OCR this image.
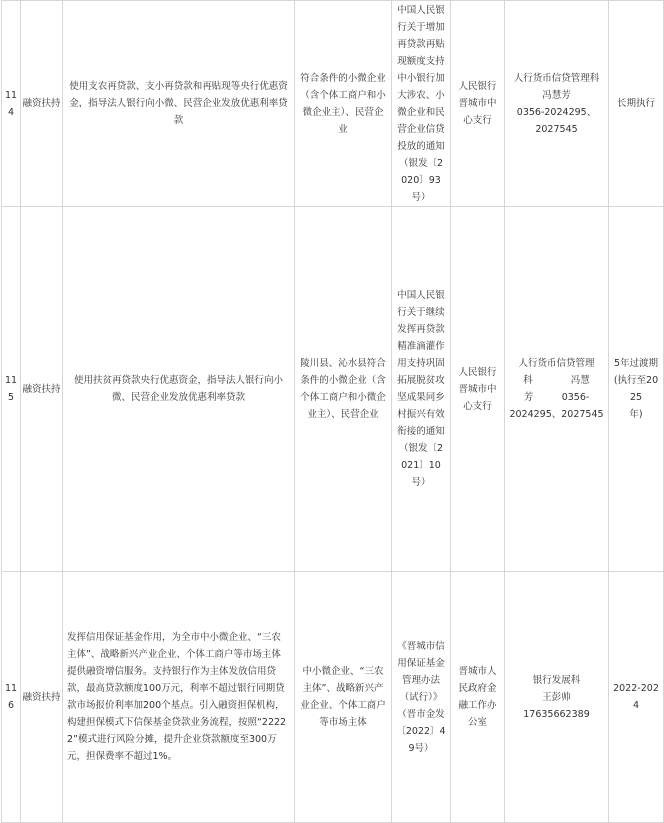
114	融资扶持	使用支农再贷款、支小再贷款和再贴现等央行优惠资金，指导法人银行向小微、民营企业发放优惠利率贷款	符合条件的小微企业（含个体工商户和小微企业主）、民营企业	中国人民银行关于增加再贷款再贴现额度支持中小银行加大涉农、小微企业和民营企业信贷投放的通知（银发〔2020〕93号）	人民银行晋城市中心支行	人行货币信贷管理科
冯慧芳
0356-2024295、
2027545	长期执行
115	融资扶持	使用扶贫再贷款央行优惠资金，指导法人银行向小微、民营企业发放优惠利率贷款	陵川县、沁水县符合条件的小微企业（含个体工商户和小微企业主）、民营企业	中国人民银行关于继续发挥再贷款精准滴灌作用支持巩固拓展脱贫攻坚成果同乡村振兴有效衔接的通知（银发〔2021〕10号）	人民银行晋城市中心支行	人行货币信贷管理
科　　　　冯慧
芳　　　0356-
2024295、2027545	5年过渡期
(执行至2025
年)

116	融资扶持	发挥信用保证基金作用，为全市中小微企业、“三农主体”、战略新兴产业企业、个体工商户等市场主体提供融资增信服务。支持银行作为主体发放信用贷款，最高贷款额度100万元，利率不超过银行同期贷款市场报价利率加200个基点。引入融资担保机构，构建担保模式下信保基金贷款业务流程，按照“22222”模式进行风险分摊，提升企业贷款额度至300万元，担保费率不超过1%。	中小微企业、“三农主体”、战略新兴产业企业、个体工商户等市场主体	《晋城市信用保证基金管理办法（试行）》（晋市金发〔2022〕49号）	晋城市人民政府金融工作办公室	银行发展科
王彭帅
17635662389	2022-2024
